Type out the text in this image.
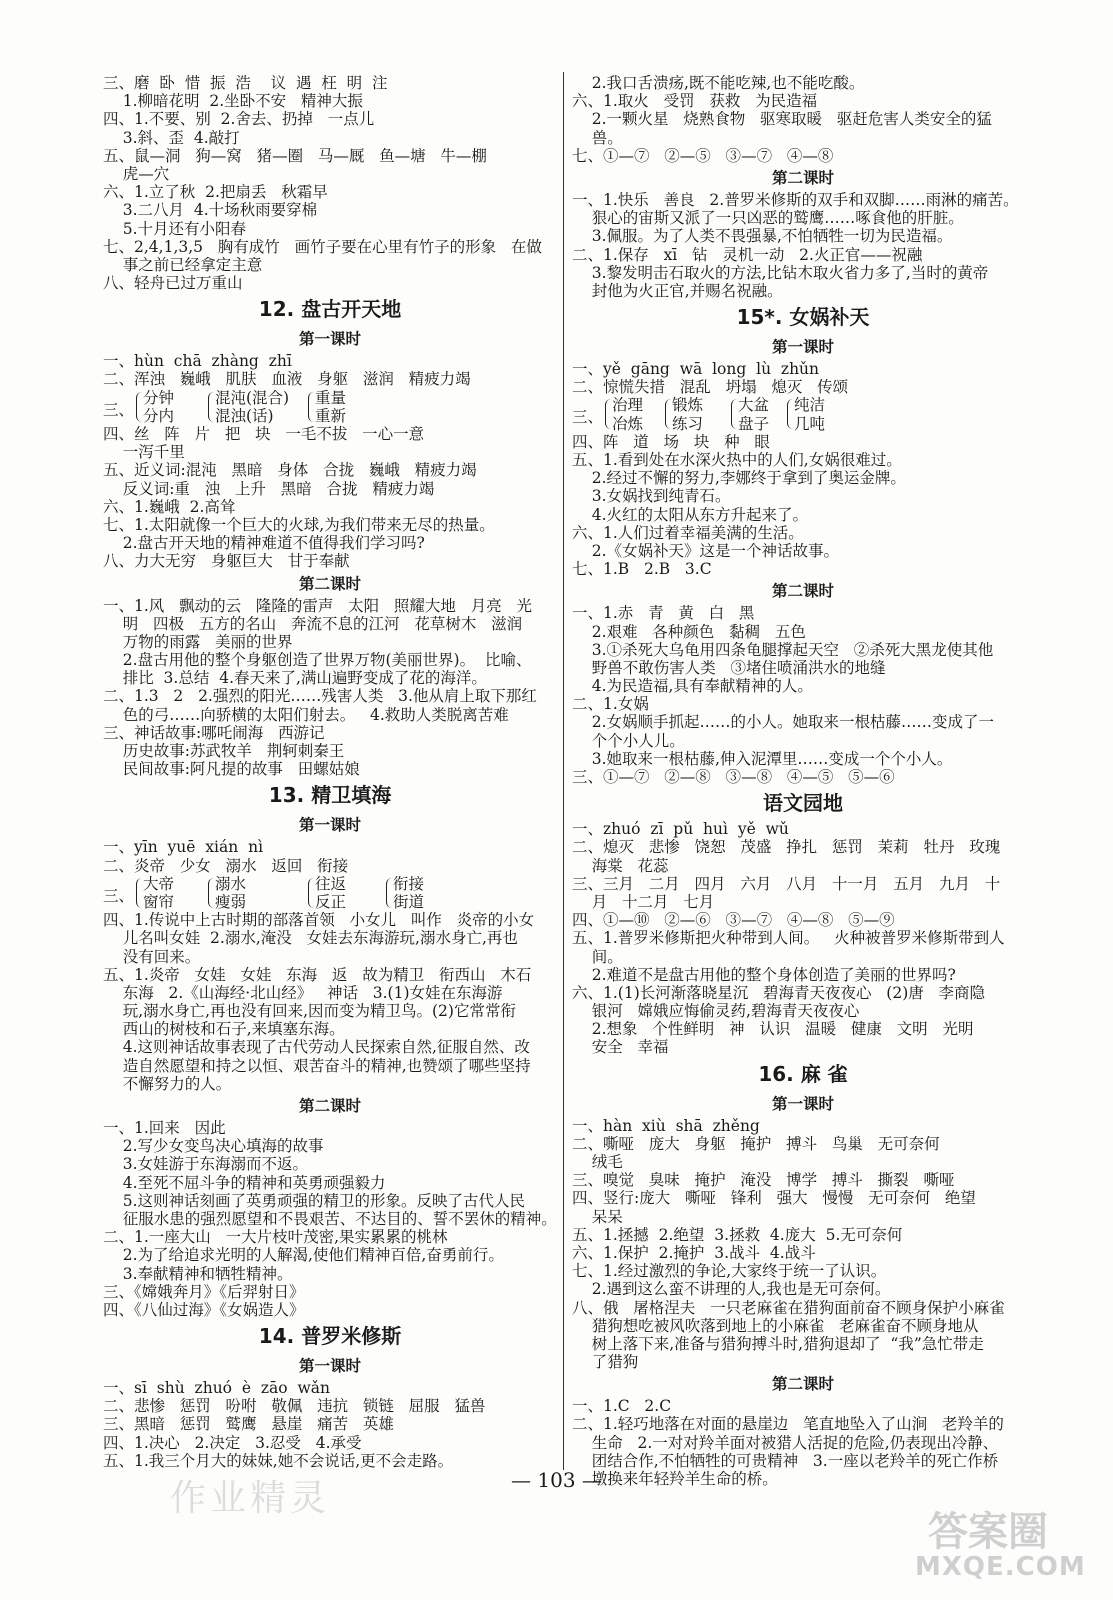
三、磨  卧  惜  振  浩    议  遇  枉  明  注
1.柳暗花明  2.坐卧不安   精神大振
四、1.不要、别  2.舍去、扔掉   一点儿
3.斜、歪  4.敲打
五、鼠—洞   狗—窝   猪—圈   马—厩   鱼—塘   牛—棚
虎—穴
六、1.立了秋  2.把扇丢   秋霜早
3.二八月  4.十场秋雨要穿棉
5.十月还有小阳春
七、2,4,1,3,5   胸有成竹   画竹子要在心里有竹子的形象   在做
事之前已经拿定主意
八、轻舟已过万重山
12. 盘古开天地
第一课时
一、hùn  chā  zhàng  zhī
二、浑浊   巍峨   肌肤   血液   身躯   滋润   精疲力竭
三、
分钟
分内
混沌(混合)
混浊(话)
重量
重新
四、丝   阵   片   把   块   一毛不拔   一心一意
一泻千里
五、近义词:混沌   黑暗   身体   合拢   巍峨   精疲力竭
反义词:重   浊   上升   黑暗   合拢   精疲力竭
六、1.巍峨  2.高耸
七、1.太阳就像一个巨大的火球,为我们带来无尽的热量。
2.盘古开天地的精神难道不值得我们学习吗?
八、力大无穷   身躯巨大   甘于奉献
第二课时
一、1.风   飘动的云   隆隆的雷声   太阳   照耀大地   月亮   光
明   四极   五方的名山   奔流不息的江河   花草树木   滋润
万物的雨露   美丽的世界
2.盘古用他的整个身躯创造了世界万物(美丽世界)。  比喻、
排比  3.总结  4.春天来了,满山遍野变成了花的海洋。
二、1.3   2   2.强烈的阳光……残害人类   3.他从肩上取下那红
色的弓……向骄横的太阳们射去。   4.救助人类脱离苦难
三、神话故事:哪吒闹海   西游记
历史故事:苏武牧羊   荆轲刺秦王
民间故事:阿凡提的故事   田螺姑娘
13. 精卫填海
第一课时
一、yīn  yuē  xián  nì
二、炎帝   少女   溺水   返回   衔接
三、
大帝
窗帘
溺水
瘦弱
往返
反正
衔接
街道
四、1.传说中上古时期的部落首领   小女儿   叫作   炎帝的小女
儿名叫女娃  2.溺水,淹没   女娃去东海游玩,溺水身亡,再也
没有回来。
五、1.炎帝   女娃   女娃   东海   返   故为精卫   衔西山   木石
东海   2.《山海经·北山经》   神话   3.(1)女娃在东海游
玩,溺水身亡,再也没有回来,因而变为精卫鸟。(2)它常常衔
西山的树枝和石子,来填塞东海。
4.这则神话故事表现了古代劳动人民探索自然,征服自然、改
造自然愿望和持之以恒、艰苦奋斗的精神,也赞颂了哪些坚持
不懈努力的人。
第二课时
一、1.回来   因此
2.写少女变鸟决心填海的故事
3.女娃游于东海溺而不返。
4.至死不屈斗争的精神和英勇顽强毅力
5.这则神话刻画了英勇顽强的精卫的形象。反映了古代人民
征服水患的强烈愿望和不畏艰苦、不达目的、誓不罢休的精神。
二、1.一座大山   一大片枝叶茂密,果实累累的桃林
2.为了给追求光明的人解渴,使他们精神百倍,奋勇前行。
3.奉献精神和牺牲精神。
三、《嫦娥奔月》《后羿射日》
四、《八仙过海》《女娲造人》
14. 普罗米修斯
第一课时
一、sī  shù  zhuó  è  zāo  wǎn
二、悲惨   惩罚   吩咐   敬佩   违抗   锁链   屈服   猛兽
三、黑暗   惩罚   鹫鹰   悬崖   痛苦   英雄
四、1.决心   2.决定   3.忍受   4.承受
五、1.我三个月大的妹妹,她不会说话,更不会走路。
2.我口舌溃疡,既不能吃辣,也不能吃酸。
六、1.取火   受罚   获救   为民造福
2.一颗火星   烧熟食物   驱寒取暖   驱赶危害人类安全的猛
兽。
七、①—⑦   ②—⑤   ③—⑦   ④—⑧
第二课时
一、1.快乐   善良   2.普罗米修斯的双手和双脚……雨淋的痛苦。
狠心的宙斯又派了一只凶恶的鹫鹰……啄食他的肝脏。
3.佩服。为了人类不畏强暴,不怕牺牲一切为民造福。
二、1.保存   xī   钻   灵机一动   2.火正官——祝融
3.黎发明击石取火的方法,比钻木取火省力多了,当时的黄帝
封他为火正官,并赐名祝融。
15*. 女娲补天
第一课时
一、yě  gāng  wā  long  lù  zhǔn
二、惊慌失措   混乱   坍塌   熄灭   传颂
三、
治理
冶炼
锻炼
练习
大盆
盘子
纯洁
几吨
四、阵   道   场   块   种   眼
五、1.看到处在水深火热中的人们,女娲很难过。
2.经过不懈的努力,李娜终于拿到了奥运金牌。
3.女娲找到纯青石。
4.火红的太阳从东方升起来了。
六、1.人们过着幸福美满的生活。
2.《女娲补天》这是一个神话故事。
七、1.B   2.B   3.C
第二课时
一、1.赤   青   黄   白   黑
2.艰难   各种颜色   黏稠   五色
3.①杀死大乌龟用四条龟腿撑起天空   ②杀死大黑龙使其他
野兽不敢伤害人类   ③堵住喷涌洪水的地缝
4.为民造福,具有奉献精神的人。
二、1.女娲
2.女娲顺手抓起……的小人。她取来一根枯藤……变成了一
个个小人儿。
3.她取来一根枯藤,伸入泥潭里……变成一个个小人。
三、①—⑦   ②—⑧   ③—⑧   ④—⑤   ⑤—⑥
语文园地
一、zhuó  zī  pǔ  huì  yě  wǔ
二、熄灭   悲惨   饶恕   茂盛   挣扎   惩罚   茉莉   牡丹   玫瑰
海棠   花蕊
三、三月   二月   四月   六月   八月   十一月   五月   九月   十
月   十二月   七月
四、①—⑩   ②—⑥   ③—⑦   ④—⑧   ⑤—⑨
五、1.普罗米修斯把火种带到人间。   火种被普罗米修斯带到人
间。
2.难道不是盘古用他的整个身体创造了美丽的世界吗?
六、1.(1)长河渐落晓星沉   碧海青天夜夜心   (2)唐   李商隐
银河   嫦娥应悔偷灵药,碧海青天夜夜心
2.想象   个性鲜明   神   认识   温暖   健康   文明   光明
安全   幸福
16. 麻 雀
第一课时
一、hàn  xiù  shā  zhěng
二、嘶哑   庞大   身躯   掩护   搏斗   鸟巢   无可奈何
绒毛
三、嗅觉   臭味   掩护   淹没   博学   搏斗   撕裂   嘶哑
四、竖行:庞大   嘶哑   锋利   强大   慢慢   无可奈何   绝望
呆呆
五、1.拯撼  2.绝望  3.拯救  4.庞大  5.无可奈何
六、1.保护  2.掩护  3.战斗  4.战斗
七、1.经过激烈的争论,大家终于统一了认识。
2.遇到这么蛮不讲理的人,我也是无可奈何。
八、俄   屠格涅夫   一只老麻雀在猎狗面前奋不顾身保护小麻雀
猎狗想吃被风吹落到地上的小麻雀   老麻雀奋不顾身地从
树上落下来,准备与猎狗搏斗时,猎狗退却了  “我”急忙带走
了猎狗
第二课时
一、1.C   2.C
二、1.轻巧地落在对面的悬崖边   笔直地坠入了山涧   老羚羊的
生命   2.一对对羚羊面对被猎人活捉的危险,仍表现出冷静、
团结合作,不怕牺牲的可贵精神   3.一座以老羚羊的死亡作桥
墩换来年轻羚羊生命的桥。
— 103 —
作业精灵
答案圈
MXQE.COM
